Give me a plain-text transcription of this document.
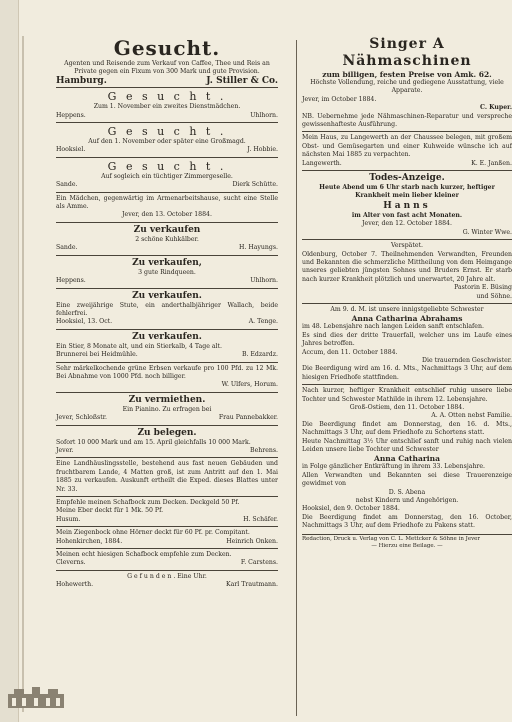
Gesucht.
Agenten und Reisende zum Verkauf von Caffee, Thee und Reis an Private gegen ein Fixum von 300 Mark und gute Provision.
Hamburg.	J. Stiller & Co.
G e s u c h t .
Zum 1. November ein zweites Dienstmädchen.
Heppens.	Uhlhorn.
G e s u c h t .
Auf den 1. November oder später eine Großmagd.
Hooksiel.	J. Hobbie.
G e s u c h t .
Auf sogleich ein tüchtiger Zimmergeselle.
Sande.	Dierk Schütte.
Ein Mädchen, gegenwärtig im Armenarbeitshause, sucht eine Stelle als Amme.
Jever, den 13. October 1884.
Zu verkaufen
2 schöne Kuhkälber.
Sande.	H. Hayungs.
Zu verkaufen,
3 gute Rindqueen.
Heppens.	Uhlhorn.
Zu verkaufen.
Eine zweijährige Stute, ein anderthalbjähriger Wallach, beide fehlerfrei.
Hooksiel, 13. Oct.	A. Tenge.
Zu verkaufen.
Ein Stier, 8 Monate alt, und ein Stierkalb, 4 Tage alt.
Brunnerei bei Heidmühle.	B. Edzardz.
Sehr märkelkochende grüne Erbsen verkaufe pro 100 Pfd. zu 12 Mk. Bei Abnahme von 1000 Pfd. noch billiger.
W. Ulfers, Horum.
Zu vermiethen.
Ein Pianino. Zu erfragen bei
Jever, Schloßstr.	Frau Pannebakker.
Zu belegen.
Sofort 10 000 Mark und am 15. April gleichfalls 10 000 Mark.
Jever.	Behrens.
Eine Landhäuslingsstelle, bestehend aus fast neuen Gebäuden und fruchtbarem Lande, 4 Matten groß, ist zum Antritt auf den 1. Mai 1885 zu verkaufen. Auskunft ertheilt die Exped. dieses Blattes unter Nr. 33.
Empfehle meinen Schafbock zum Decken. Deckgeld 50 Pf.
Meine Eber deckt für 1 Mk. 50 Pf.
Husum.	H. Schäfer.
Mein Ziegenbock ohne Hörner deckt für 60 Pf. pr. Compitant.
Hohenkirchen, 1884.	Heinrich Onken.
Meinen echt hiesigen Schafbock empfehle zum Decken.
Cleverns.	F. Carstens.
G e f u n d e n . Eine Uhr.
Hohewerth.	Karl Trautmann.
Singer A Nähmaschinen
zum billigen, festen Preise von Amk. 62.
Höchste Vollendung, reiche und gediegene Ausstattung, viele Apparate.
Jever, im October 1884.
C. Kuper.
NB. Uebernehme jede Nähmaschinen-Reparatur und verspreche gewissenhafteste Ausführung.
Mein Haus, zu Langewerth an der Chaussee belegen, mit großem Obst- und Gemüsegarten und einer Kuhweide wünsche ich auf nächsten Mai 1885 zu verpachten.
Langewerth.	K. E. Janßen.
Todes-Anzeige.
Heute Abend um 6 Uhr starb nach kurzer, heftiger Krankheit mein lieber kleiner
Hanns
im Alter von fast acht Monaten.
Jever, den 12. October 1884.
G. Winter Wwe.
Verspätet.
Oldenburg, October 7. Theilnehmenden Verwandten, Freunden und Bekannten die schmerzliche Mittheilung von dem Heimgange unseres geliebten jüngsten Sohnes und Bruders Ernst. Er starb nach kurzer Krankheit plötzlich und unerwartet, 20 Jahre alt.
Pastorin E. Büsing
und Söhne.
Am 9. d. M. ist unsere innigstgeliebte Schwester
Anna Catharina Abrahams
im 48. Lebensjahre nach langen Leiden sanft entschlafen.
Es sind dies der dritte Trauerfall, welcher uns im Laufe eines Jahres betroffen.
Accum, den 11. October 1884.
Die trauernden Geschwister.
Die Beerdigung wird am 16. d. Mts., Nachmittags 3 Uhr, auf dem hiesigen Friedhofe stattfinden.
Nach kurzer, heftiger Krankheit entschlief ruhig unsere liebe Tochter und Schwester Mathilde in ihrem 12. Lebensjahre.
Groß-Ostiem, den 11. October 1884.
A. A. Otten nebst Familie.
Die Beerdigung findet am Donnerstag, den 16. d. Mts., Nachmittags 3 Uhr, auf dem Friedhofe zu Schortens statt.
Heute Nachmittag 3½ Uhr entschlief sanft und ruhig nach vielen Leiden unsere liebe Tochter und Schwester
Anna Catharina
in Folge gänzlicher Entkräftung in ihrem 33. Lebensjahre.
Allen Verwandten und Bekannten sei diese Trauerenzeige gewidmet von
D. S. Abena
nebst Kindern und Angehörigen.
Hooksiel, den 9. October 1884.
Die Beerdigung findet am Donnerstag, den 16. October, Nachmittags 3 Uhr, auf dem Friedhofe zu Pakens statt.
Redaction, Druck u. Verlag von C. L. Mettcker & Söhne in Jever
— Hierzu eine Beilage. —
